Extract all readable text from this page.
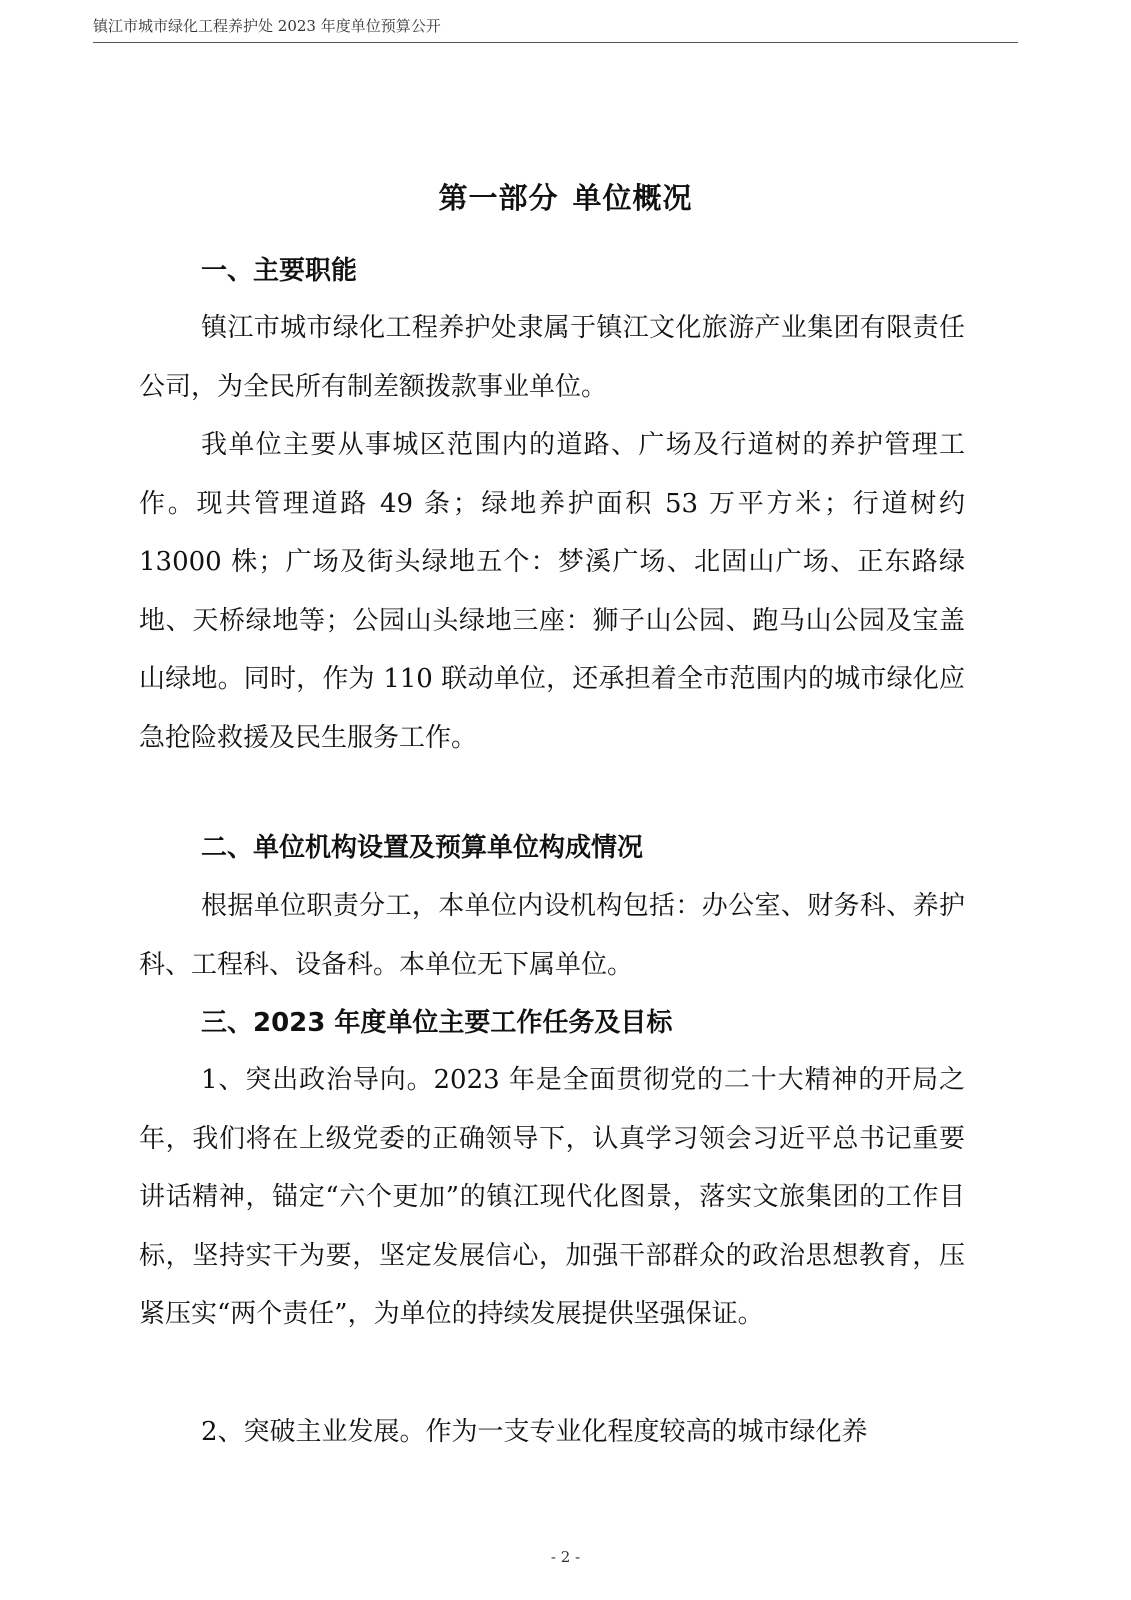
镇江市城市绿化工程养护处 2023 年度单位预算公开
第一部分 单位概况
一、主要职能

镇江市城市绿化工程养护处隶属于镇江文化旅游产业集团有限责任公司，为全民所有制差额拨款事业单位。

我单位主要从事城区范围内的道路、广场及行道树的养护管理工作。现共管理道路 49 条；绿地养护面积 53 万平方米；行道树约 13000 株；广场及街头绿地五个：梦溪广场、北固山广场、正东路绿地、天桥绿地等；公园山头绿地三座：狮子山公园、跑马山公园及宝盖山绿地。同时，作为 110 联动单位，还承担着全市范围内的城市绿化应急抢险救援及民生服务工作。

二、单位机构设置及预算单位构成情况

根据单位职责分工，本单位内设机构包括：办公室、财务科、养护科、工程科、设备科。本单位无下属单位。

三、2023 年度单位主要工作任务及目标

1、突出政治导向。2023 年是全面贯彻党的二十大精神的开局之年，我们将在上级党委的正确领导下，认真学习领会习近平总书记重要讲话精神，锚定“六个更加”的镇江现代化图景，落实文旅集团的工作目标，坚持实干为要，坚定发展信心，加强干部群众的政治思想教育，压紧压实“两个责任”，为单位的持续发展提供坚强保证。

2、突破主业发展。作为一支专业化程度较高的城市绿化养

- 2 -
